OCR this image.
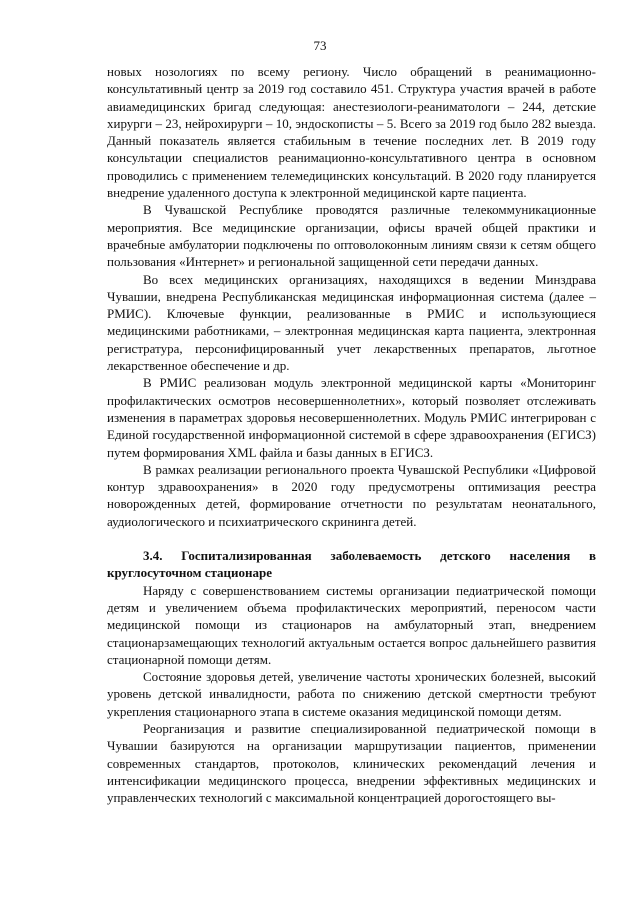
73

новых нозологиях по всему региону. Число обращений в реанимационно-консультативный центр за 2019 год составило 451. Структура участия врачей в работе авиамедицинских бригад следующая: анестезиологи-реаниматологи – 244, детские хирурги – 23, нейрохирурги – 10, эндоскописты – 5. Всего за 2019 год было 282 выезда. Данный показатель является стабильным в течение последних лет. В 2019 году консультации специалистов реанимационно-консультативного центра в основном проводились с применением телемедицинских консультаций. В 2020 году планируется внедрение удаленного доступа к электронной медицинской карте пациента.

В Чувашской Республике проводятся различные телекоммуникационные мероприятия. Все медицинские организации, офисы врачей общей практики и врачебные амбулатории подключены по оптоволоконным линиям связи к сетям общего пользования «Интернет» и региональной защищенной сети передачи данных.

Во всех медицинских организациях, находящихся в ведении Минздрава Чувашии, внедрена Республиканская медицинская информационная система (далее – РМИС). Ключевые функции, реализованные в РМИС и использующиеся медицинскими работниками, – электронная медицинская карта пациента, электронная регистратура, персонифицированный учет лекарственных препаратов, льготное лекарственное обеспечение и др.

В РМИС реализован модуль электронной медицинской карты «Мониторинг профилактических осмотров несовершеннолетних», который позволяет отслеживать изменения в параметрах здоровья несовершеннолетних. Модуль РМИС интегрирован с Единой государственной информационной системой в сфере здравоохранения (ЕГИСЗ) путем формирования XML файла и базы данных в ЕГИСЗ.

В рамках реализации регионального проекта Чувашской Республики «Цифровой контур здравоохранения» в 2020 году предусмотрены оптимизация реестра новорожденных детей, формирование отчетности по результатам неонатального, аудиологического и психиатрического скрининга детей.

3.4. Госпитализированная заболеваемость детского населения в круглосуточном стационаре

Наряду с совершенствованием системы организации педиатрической помощи детям и увеличением объема профилактических мероприятий, переносом части медицинской помощи из стационаров на амбулаторный этап, внедрением стационарзамещающих технологий актуальным остается вопрос дальнейшего развития стационарной помощи детям.

Состояние здоровья детей, увеличение частоты хронических болезней, высокий уровень детской инвалидности, работа по снижению детской смертности требуют укрепления стационарного этапа в системе оказания медицинской помощи детям.

Реорганизация и развитие специализированной педиатрической помощи в Чувашии базируются на организации маршрутизации пациентов, применении современных стандартов, протоколов, клинических рекомендаций лечения и интенсификации медицинского процесса, внедрении эффективных медицинских и управленческих технологий с максимальной концентрацией дорогостоящего вы-
